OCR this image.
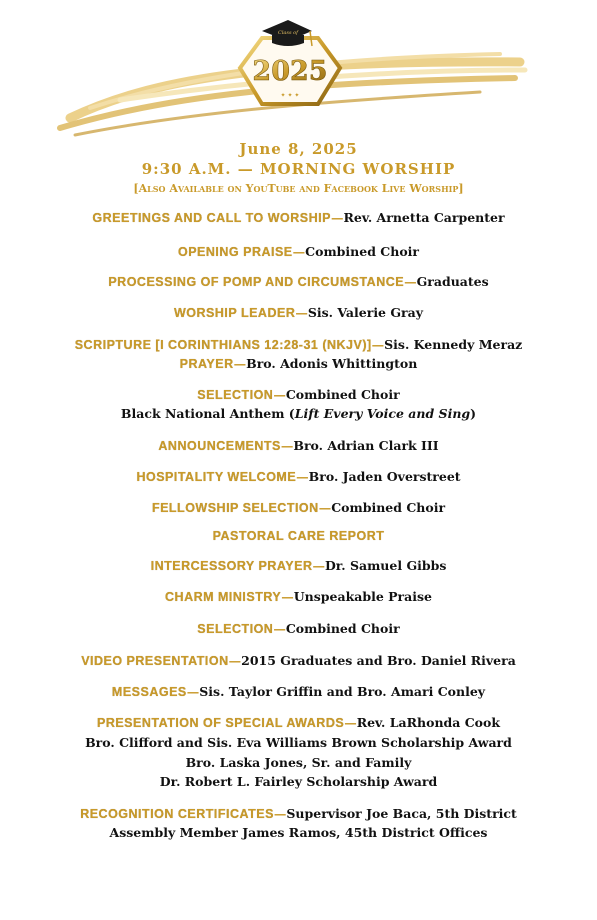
2025
✦ ✦ ✦
Class of
June 8, 2025
9:30 A.M. — MORNING WORSHIP
[Also Available on YouTube and Facebook Live Worship]
GREETINGS AND CALL TO WORSHIP—Rev. Arnetta Carpenter
OPENING PRAISE—Combined Choir
PROCESSING OF POMP AND CIRCUMSTANCE—Graduates
WORSHIP LEADER—Sis. Valerie Gray
SCRIPTURE [I CORINTHIANS 12:28-31 (NKJV)]—Sis. Kennedy Meraz
PRAYER—Bro. Adonis Whittington
SELECTION—Combined Choir
ANNOUNCEMENTS—Bro. Adrian Clark III
HOSPITALITY WELCOME—Bro. Jaden Overstreet
FELLOWSHIP SELECTION—Combined Choir
PASTORAL CARE REPORT
INTERCESSORY PRAYER—Dr. Samuel Gibbs
CHARM MINISTRY—Unspeakable Praise
SELECTION—Combined Choir
VIDEO PRESENTATION—2015 Graduates and Bro. Daniel Rivera
MESSAGES—Sis. Taylor Griffin and Bro. Amari Conley
PRESENTATION OF SPECIAL AWARDS—Rev. LaRhonda Cook
RECOGNITION CERTIFICATES—Supervisor Joe Baca, 5th District
Black National Anthem (Lift Every Voice and Sing)
Bro. Clifford and Sis. Eva Williams Brown Scholarship Award
Bro. Laska Jones, Sr. and Family
Dr. Robert L. Fairley Scholarship Award
Assembly Member James Ramos, 45th District Offices
